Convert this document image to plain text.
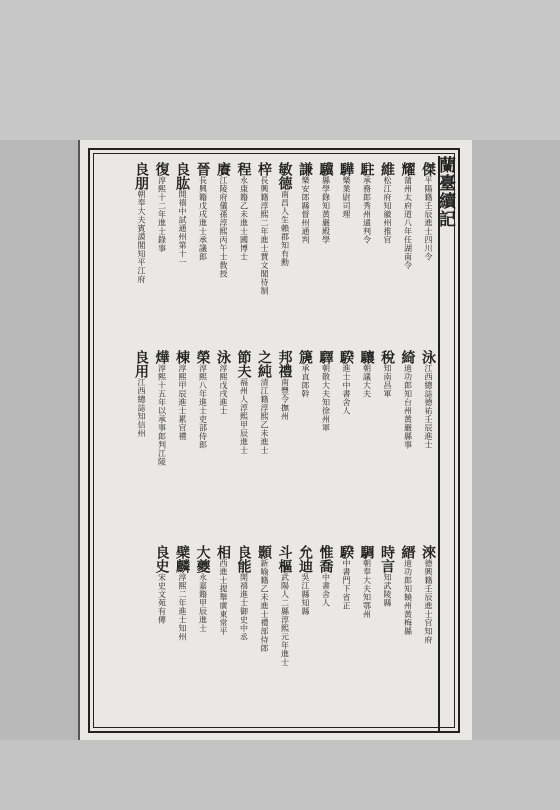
蘭臺續記
傑平陽籍壬辰進士四川令
耀蒲州太府道八年任湖南令
維松江府知徽州推官
駐承務郎秀州通判令
驊樂業尉司理
驥縣學錄知黃嚴殿學
謙樂安郎縣督州通判
敏德南昌人生賴郡知有勳
梓長興籍淳熙二年進士賈文閣待制
程永康籍乙未進士國博士
賡江陵府儀孫淳熙丙午士敎授
晉長興籍戊戌進士承議郎
良肱開禧中試通州第十一
復淳熙十二年進士錄事
良朋朝奉大夫賓謨閣知平江府
泳江西總誌德祐壬辰進士
綺迪功郎知台州黃嚴縣事
稅知南昌軍
驤朝議大夫
騤進士中書舍人
驛朝散大夫知徐州軍
篪承直郎幹
邦禮南豐令撫州
之純清江籍淳熙乙未進士
節夫福州人淳熙甲辰進士
泳淳熙戊戌進士
榮淳熙八年進士吏部侍郎
棟淳熙甲辰進士累官禮
燁淳熙十五年以承事郎判江陵
良用江西總誌知信州
淶德興籍壬辰進士官知府
縉迪功郎知饒州黃梅縣
時言知武陵縣
騆朝奉大夫知鄂州
騤中書門下省正
惟喬中書舍人
允迪吳江縣知縣
斗樞武陽人二縣淳熙元年進士
顥新喻籍乙未進士禮部侍郎
良能開禧進士御史中丞
相西進士提舉廣東常平
大夔永嘉籍甲辰進士
檗麟淳熙二年進士知州
良史宋史文苑有傳
